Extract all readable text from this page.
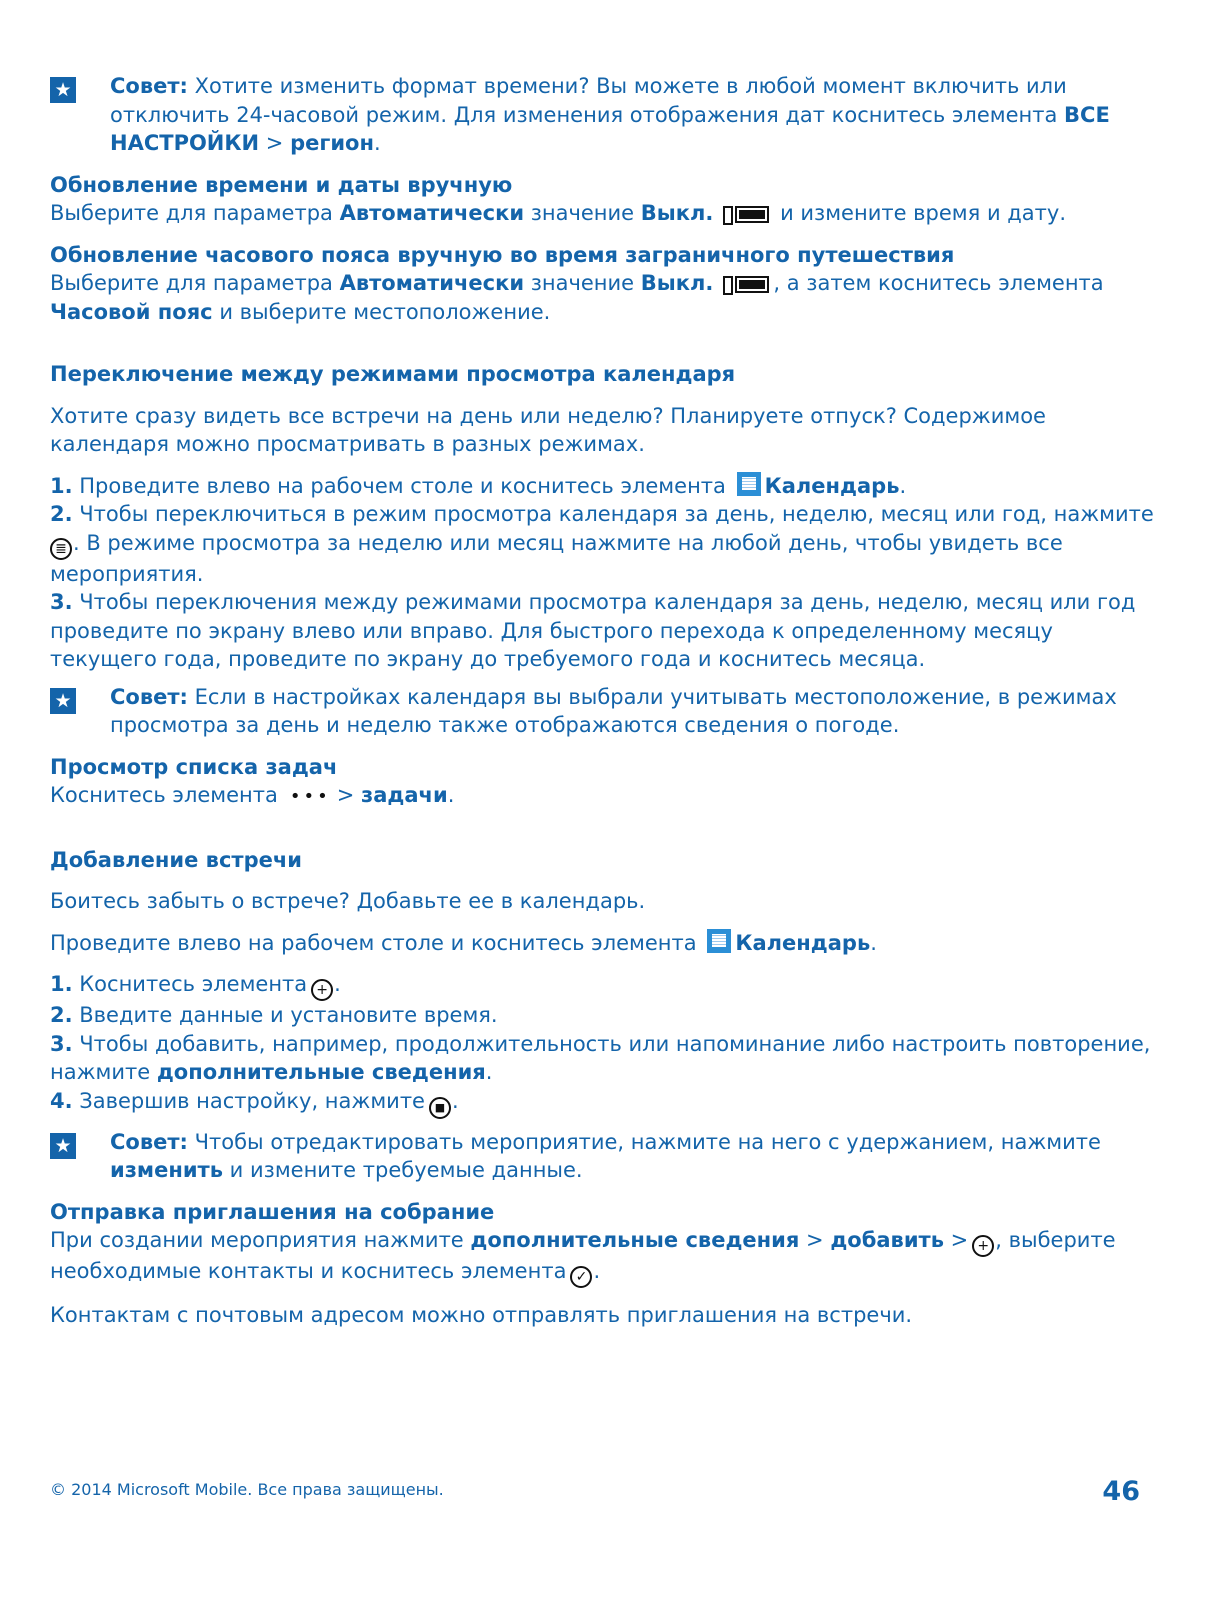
★ Совет: Хотите изменить формат времени? Вы можете в любой момент включить или отключить 24-часовой режим. Для изменения отображения дат коснитесь элемента ВСЕ НАСТРОЙКИ > регион.

Обновление времени и даты вручную

Выберите для параметра Автоматически значение Выкл.	и измените время и дату.

Обновление часового пояса вручную во время заграничного путешествия

Выберите для параметра Автоматически значение Выкл.	, а затем коснитесь элемента Часовой пояс и выберите местоположение.

Переключение между режимами просмотра календаря

Хотите сразу видеть все встречи на день или неделю? Планируете отпуск? Содержимое календаря можно просматривать в разных режимах.

1. Проведите влево на рабочем столе и коснитесь элемента Календарь.

2. Чтобы переключиться в режим просмотра календаря за день, неделю, месяц или год, нажмите ≣ . В режиме просмотра за неделю или месяц нажмите на любой день, чтобы увидеть все мероприятия.

3. Чтобы переключения между режимами просмотра календаря за день, неделю, месяц или год проведите по экрану влево или вправо. Для быстрого перехода к определенному месяцу текущего года, проведите по экрану до требуемого года и коснитесь месяца.

★ Совет: Если в настройках календаря вы выбрали учитывать местоположение, в режимах просмотра за день и неделю также отображаются сведения о погоде.

Просмотр списка задач

Коснитесь элемента ••• > задачи.

Добавление встречи

Боитесь забыть о встрече? Добавьте ее в календарь.

Проведите влево на рабочем столе и коснитесь элемента Календарь.

1. Коснитесь элемента + .

2. Введите данные и установите время.

3. Чтобы добавить, например, продолжительность или напоминание либо настроить повторение, нажмите дополнительные сведения.

4. Завершив настройку, нажмите ■ .

★ Совет: Чтобы отредактировать мероприятие, нажмите на него с удержанием, нажмите изменить и измените требуемые данные.

Отправка приглашения на собрание

При создании мероприятия нажмите дополнительные сведения > добавить > + , выберите необходимые контакты и коснитесь элемента ✓ .

Контактам с почтовым адресом можно отправлять приглашения на встречи.

© 2014 Microsoft Mobile. Все права защищены.	46
